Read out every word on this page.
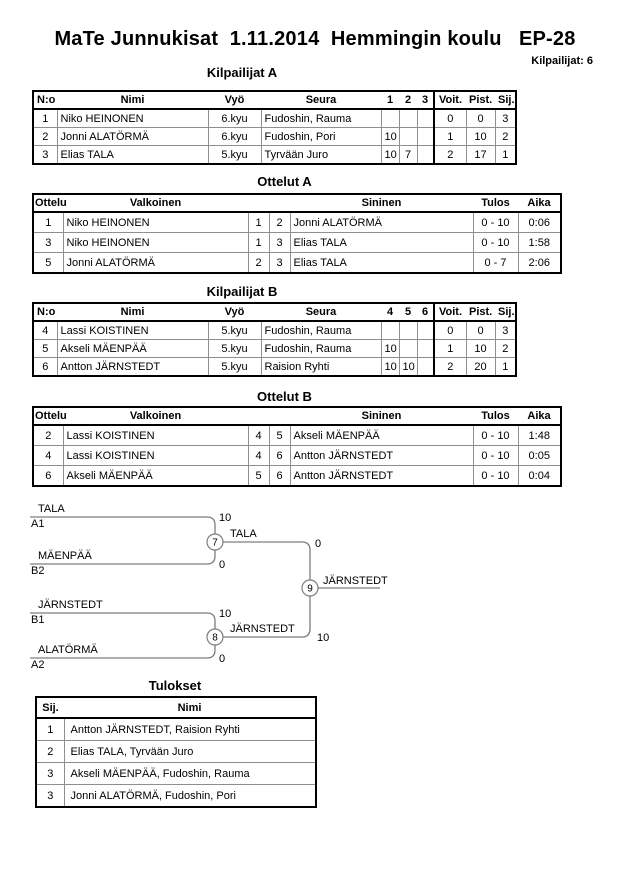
MaTe Junnukisat  1.11.2014  Hemmingin koulu   EP-28
Kilpailijat: 6
Kilpailijat A
N:o	Nimi	Vyö	Seura	1	2	3	Voit.	Pist.	Sij.
1	Niko HEINONEN	6.kyu	Fudoshin, Rauma				0	0	3
2	Jonni ALATÖRMÄ	6.kyu	Fudoshin, Pori	10			1	10	2
3	Elias TALA	5.kyu	Tyrvään Juro	10	7		2	17	1
Ottelut A
Ottelu	Valkoinen			Sininen	Tulos	Aika
1	Niko HEINONEN	1	2	Jonni ALATÖRMÄ	0 - 10	0:06
3	Niko HEINONEN	1	3	Elias TALA	0 - 10	1:58
5	Jonni ALATÖRMÄ	2	3	Elias TALA	0 - 7	2:06
Kilpailijat B
N:o	Nimi	Vyö	Seura	4	5	6	Voit.	Pist.	Sij.
4	Lassi KOISTINEN	5.kyu	Fudoshin, Rauma				0	0	3
5	Akseli MÄENPÄÄ	5.kyu	Fudoshin, Rauma	10			1	10	2
6	Antton JÄRNSTEDT	5.kyu	Raision Ryhti	10	10		2	20	1
Ottelut B
Ottelu	Valkoinen			Sininen	Tulos	Aika
2	Lassi KOISTINEN	4	5	Akseli MÄENPÄÄ	0 - 10	1:48
4	Lassi KOISTINEN	4	6	Antton JÄRNSTEDT	0 - 10	0:05
6	Akseli MÄENPÄÄ	5	6	Antton JÄRNSTEDT	0 - 10	0:04
7
8
9
TALA
A1	10
MÄENPÄÄ
B2	0
TALA
0
JÄRNSTEDT
B1	10
ALATÖRMÄ
A2	0
JÄRNSTEDT
10
JÄRNSTEDT
Tulokset
Sij.	Nimi
1	Antton JÄRNSTEDT, Raision Ryhti
2	Elias TALA, Tyrvään Juro
3	Akseli MÄENPÄÄ, Fudoshin, Rauma
3	Jonni ALATÖRMÄ, Fudoshin, Pori
